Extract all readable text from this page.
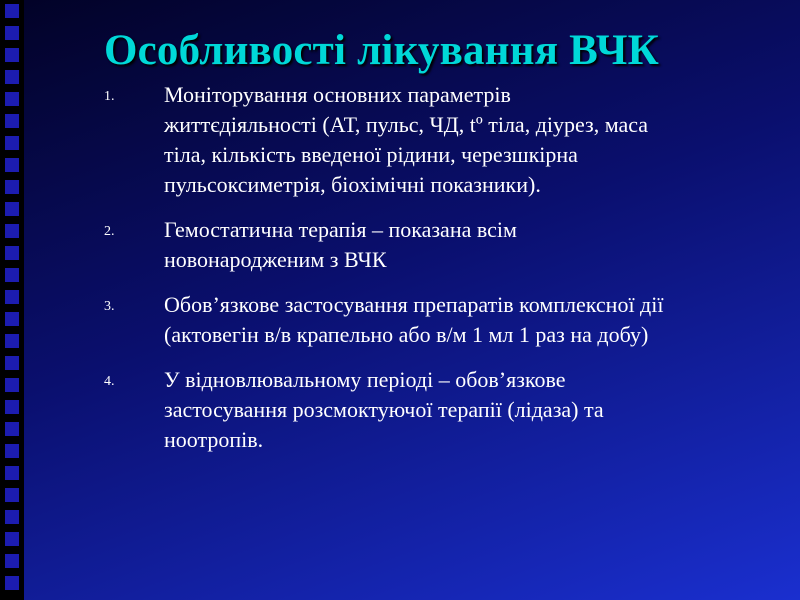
Особливості лікування ВЧК
1. Моніторування основних параметрів
життєдіяльності (АТ, пульс, ЧД, tº тіла, діурез, маса
тіла, кількість введеної рідини, черезшкірна
пульсоксиметрія, біохімічні показники).
2. Гемостатична терапія – показана всім
новонародженим з ВЧК
3. Обов’язкове застосування препаратів комплексної дії
(актовегін в/в крапельно або в/м 1 мл 1 раз на добу)
4. У відновлювальному періоді – обов’язкове
застосування розсмоктуючої терапії (лідаза) та
ноотропів.
